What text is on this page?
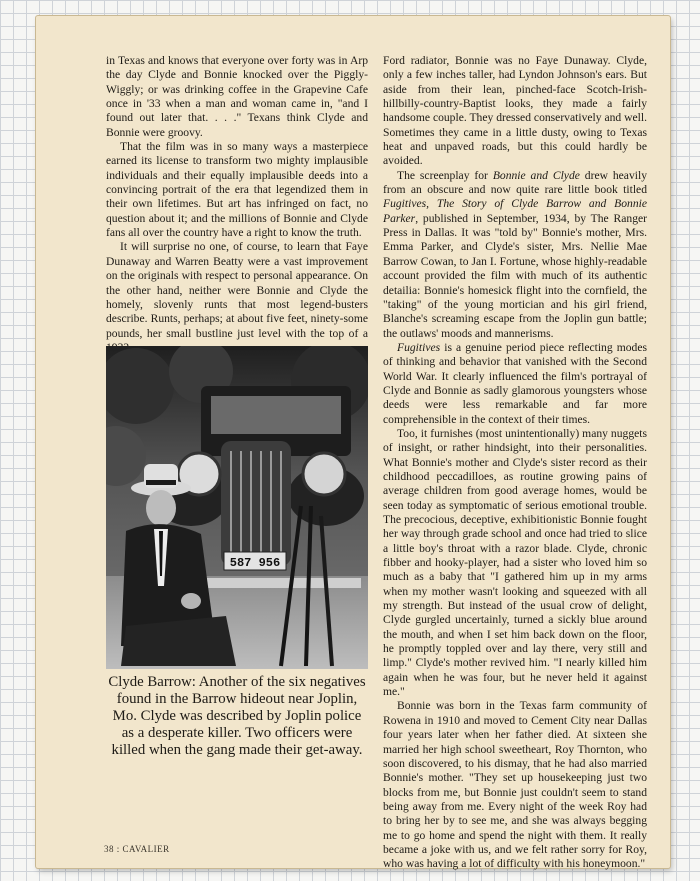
in Texas and knows that everyone over forty was in Arp the day Clyde and Bonnie knocked over the Piggly-Wiggly; or was drinking coffee in the Grapevine Cafe once in '33 when a man and woman came in, "and I found out later that. . . ." Texans think Clyde and Bonnie were groovy.

That the film was in so many ways a masterpiece earned its license to transform two mighty implausible individuals and their equally implausible deeds into a convincing portrait of the era that legendized them in their own lifetimes. But art has infringed on fact, no question about it; and the millions of Bonnie and Clyde fans all over the country have a right to know the truth.

It will surprise no one, of course, to learn that Faye Dunaway and Warren Beatty were a vast improvement on the originals with respect to personal appearance. On the other hand, neither were Bonnie and Clyde the homely, slovenly runts that most legend-busters describe. Runts, perhaps; at about five feet, ninety-some pounds, her small bustline just level with the top of a

587 956
Clyde Barrow: Another of the six negatives found in the Barrow hideout near Joplin, Mo. Clyde was described by Joplin police as a desperate killer. Two officers were killed when the gang made their get-away.

Ford radiator, Bonnie was no Faye Dunaway. Clyde, only a few inches taller, had Lyndon Johnson's ears. But aside from their lean, pinched-face Scotch-Irish-hillbilly-country-Baptist looks, they made a fairly handsome couple. They dressed conservatively and well. Sometimes they came in a little dusty, owing to Texas heat and unpaved roads, but this could hardly be avoided.

The screenplay for Bonnie and Clyde drew heavily from an obscure and now quite rare little book titled Fugitives, The Story of Clyde Barrow and Bonnie Parker, published in September, 1934, by The Ranger Press in Dallas. It was "told by" Bonnie's mother, Mrs. Emma Parker, and Clyde's sister, Mrs. Nellie Mae Barrow Cowan, to Jan I. Fortune, whose highly-readable account provided the film with much of its authentic detailia: Bonnie's homesick flight into the cornfield, the "taking" of the young mortician and his girl friend, Blanche's screaming escape from the Joplin gun battle; the outlaws' moods and mannerisms.

Fugitives is a genuine period piece reflecting modes of thinking and behavior that vanished with the Second World War. It clearly influenced the film's portrayal of Clyde and Bonnie as sadly glamorous youngsters whose deeds were less remarkable and far more comprehensible in the context of their times.

Too, it furnishes (most unintentionally) many nuggets of insight, or rather hindsight, into their personalities. What Bonnie's mother and Clyde's sister record as their childhood peccadilloes, as routine growing pains of average children from good average homes, would be seen today as symptomatic of serious emotional trouble. The precocious, deceptive, exhibitionistic Bonnie fought her way through grade school and once had tried to slice a little boy's throat with a razor blade. Clyde, chronic fibber and hooky-player, had a sister who loved him so much as a baby that "I gathered him up in my arms when my mother wasn't looking and squeezed with all my strength. But instead of the usual crow of delight, Clyde gurgled uncertainly, turned a sickly blue around the mouth, and when I set him back down on the floor, he promptly toppled over and lay there, very still and limp." Clyde's mother revived him. "I nearly killed him again when he was four, but he never held it against me."

Bonnie was born in the Texas farm community of Rowena in 1910 and moved to Cement City near Dallas four years later when her father died. At sixteen she married her high school sweetheart, Roy Thornton, who soon discovered, to his dismay, that he had also married Bonnie's mother. "They set up housekeeping just two blocks from me, but Bonnie just couldn't seem to stand being away from me. Every night of the week Roy had to bring her by to see me, and she was always begging me to go home and spend the night with them. It really became a joke with us, and we felt rather sorry for Roy, who was having a lot of difficulty with his honeymoon."

38 : CAVALIER
